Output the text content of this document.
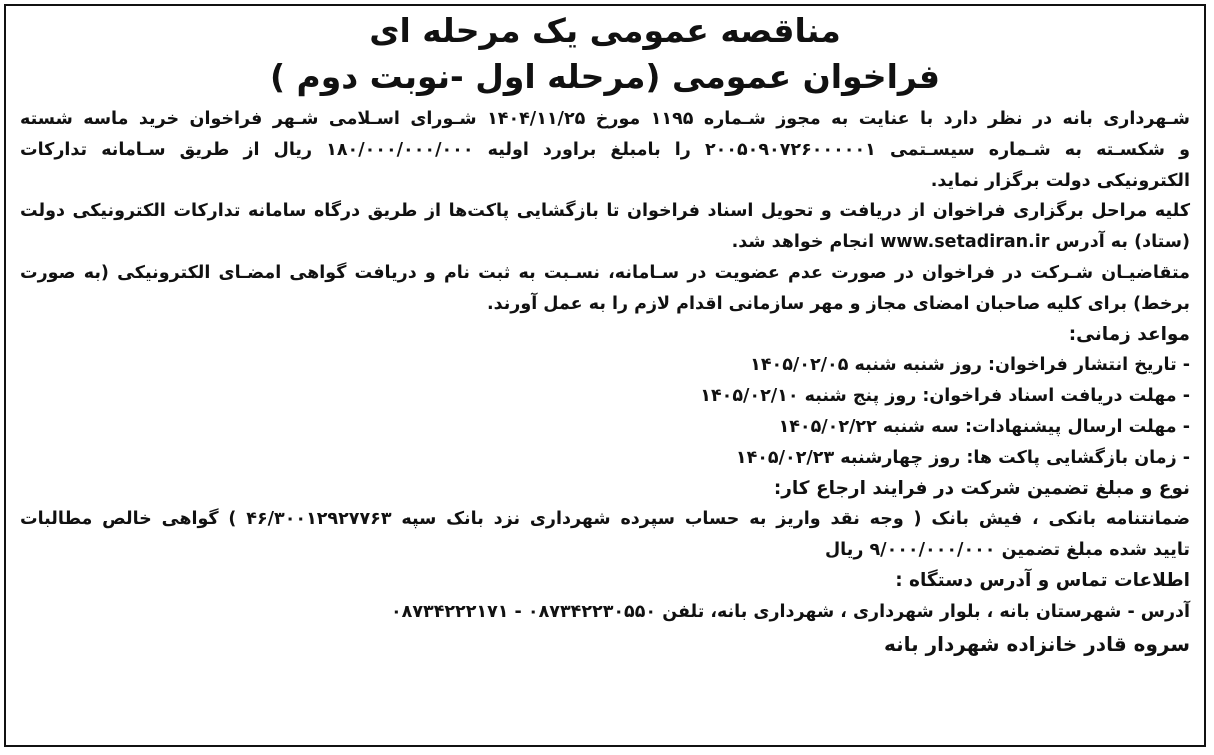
مناقصه عمومی یک مرحله ای
فراخوان عمومی (مرحله اول -نوبت دوم )
شـهرداری بانه در نظر دارد با عنایت به مجوز شـماره ۱۱۹۵ مورخ ۱۴۰۴/۱۱/۲۵ شـورای اسـلامی شـهر فراخوان خرید ماسه شسته
و شکسـته به شـماره سیسـتمی ۲۰۰۵۰۹۰۷۲۶۰۰۰۰۰۱ را بامبلغ براورد اولیه ۱۸۰/۰۰۰/۰۰۰/۰۰۰ ریال از طریق سـامانه تدارکات
الکترونیکی دولت برگزار نماید.
کلیه مراحل برگزاری فراخوان از دریافت و تحویل اسناد فراخوان تا بازگشایی پاکت‌ها از طریق درگاه سامانه تدارکات الکترونیکی دولت
(ستاد) به آدرس www.setadiran.ir انجام خواهد شد.
متقاضیـان شـرکت در فراخوان در صورت عدم عضویت در سـامانه، نسـبت به ثبت نام و دریافت گواهی امضـای الکترونیکی (به صورت
برخط) برای کلیه صاحبان امضای مجاز و مهر سازمانی اقدام لازم را به عمل آورند.
مواعد زمانی:
- تاریخ انتشار فراخوان: روز شنبه شنبه ۱۴۰۵/۰۲/۰۵
- مهلت دریافت اسناد فراخوان: روز پنج شنبه ۱۴۰۵/۰۲/۱۰
- مهلت ارسال پیشنهادات: سه شنبه ۱۴۰۵/۰۲/۲۲
- زمان بازگشایی پاکت ها: روز چهارشنبه ۱۴۰۵/۰۲/۲۳
نوع و مبلغ تضمین شرکت در فرایند ارجاع کار:
ضمانتنامه بانکی ، فیش بانک ( وجه نقد واریز به حساب سپرده شهرداری نزد بانک سپه ۴۶/۳۰۰۱۲۹۲۷۷۶۳ ) گواهی خالص مطالبات
تایید شده مبلغ تضمین ۹/۰۰۰/۰۰۰/۰۰۰ ریال
اطلاعات تماس و آدرس دستگاه :
آدرس - شهرستان بانه ، بلوار شهرداری ، شهرداری بانه، تلفن ۰۸۷۳۴۲۲۳۰۵۵۰ - ۰۸۷۳۴۲۲۲۱۷۱
سروه قادر خانزاده شهردار بانه
